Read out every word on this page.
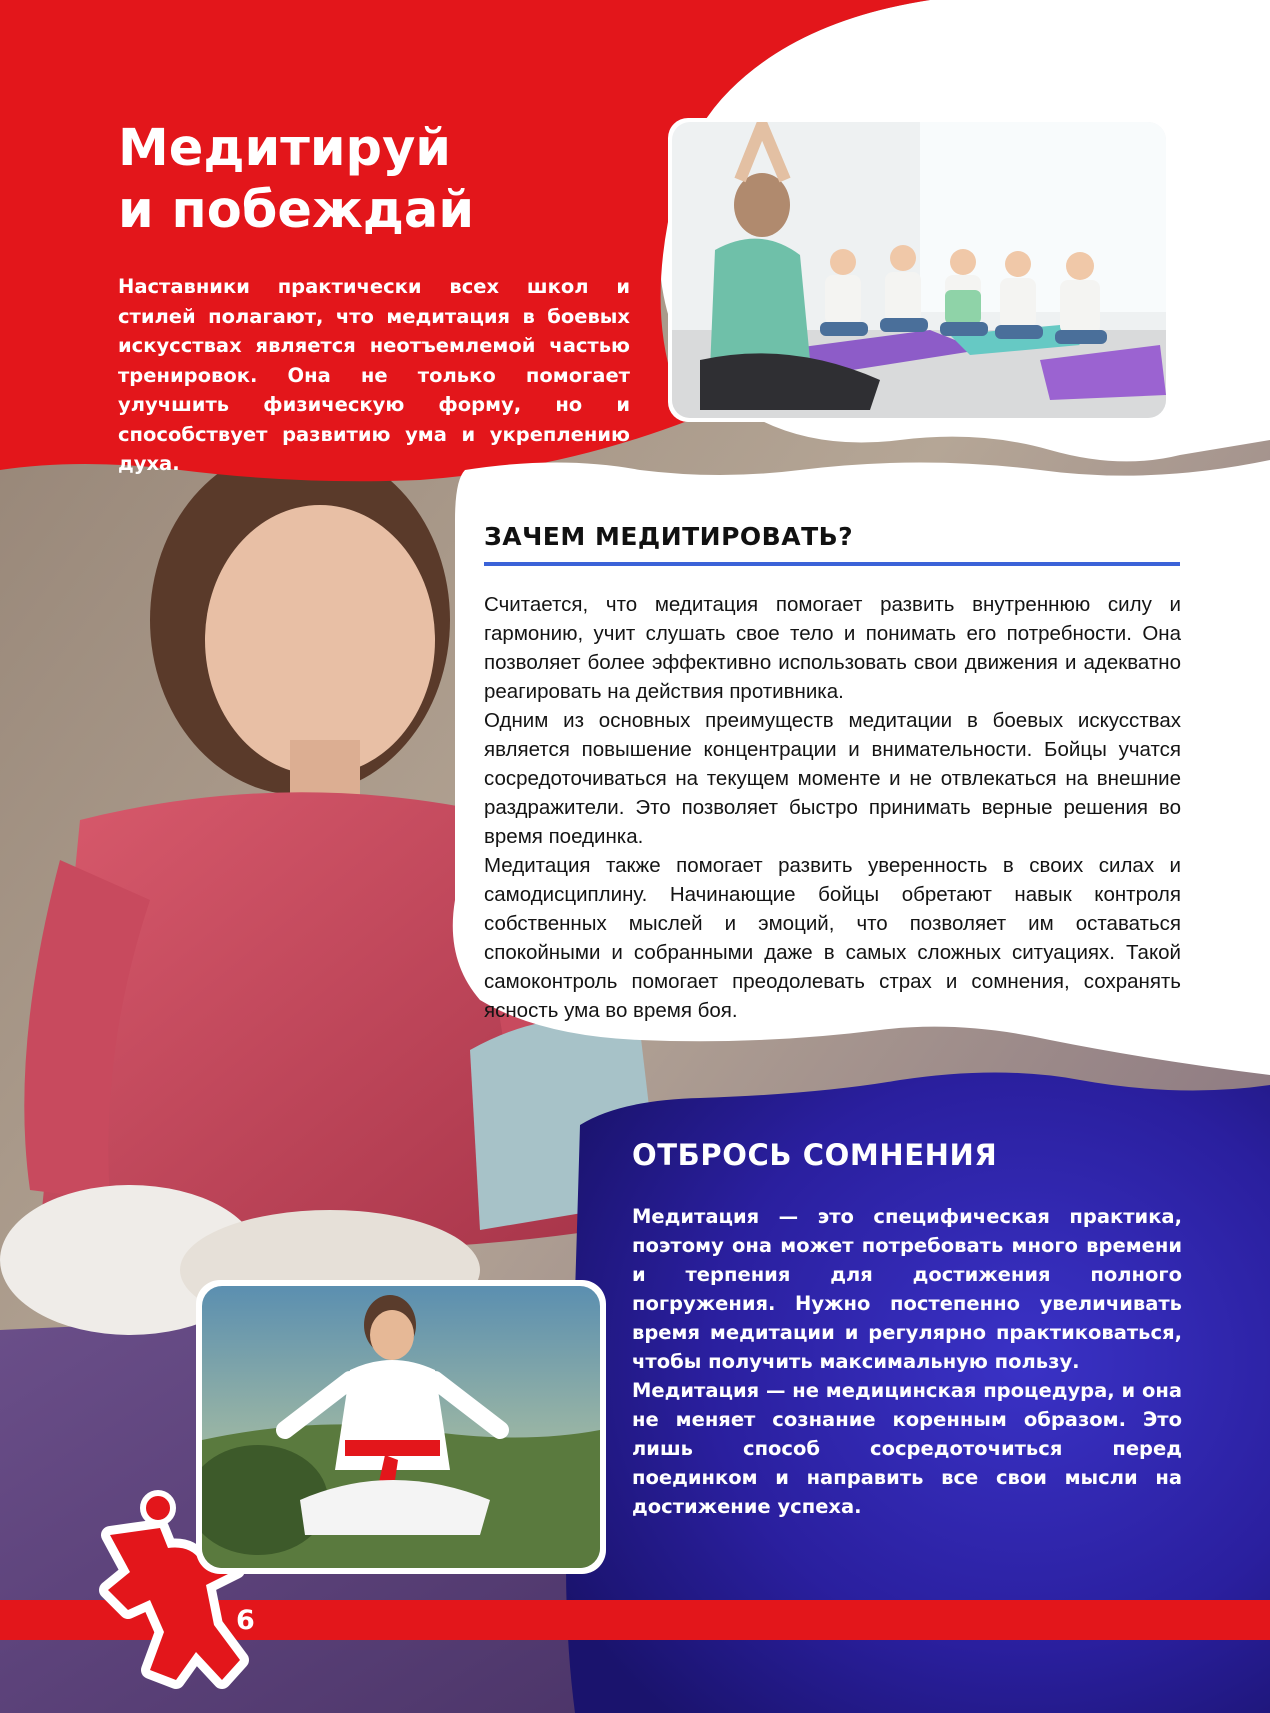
Медитируй
и побеждай

Наставники практически всех школ и стилей полагают, что медитация в боевых искусствах является неотъемлемой частью тренировок. Она не только помогает улучшить физическую форму, но и способствует развитию ума и укреплению духа.

ЗАЧЕМ МЕДИТИРОВАТЬ?

Считается, что медитация помогает развить внутреннюю силу и гармонию, учит слушать свое тело и понимать его потребности. Она позволяет более эффективно использовать свои движения и адекватно реагировать на действия противника.

Одним из основных преимуществ медитации в боевых искусствах является повышение концентрации и внимательности. Бойцы учатся сосредоточиваться на текущем моменте и не отвлекаться на внешние раздражители. Это позволяет быстро принимать верные решения во время поединка.

Медитация также помогает развить уверенность в своих силах и самодисциплину. Начинающие бойцы обретают навык контроля собственных мыслей и эмоций, что позволяет им оставаться спокойными и собранными даже в самых сложных ситуациях. Такой самоконтроль помогает преодолевать страх и сомнения, сохранять ясность ума во время боя.

ОТБРОСЬ СОМНЕНИЯ

Медитация — это специфическая практика, поэтому она может потребовать много времени и терпения для достижения полного погружения. Нужно постепенно увеличивать время медитации и регулярно практиковаться, чтобы получить максимальную пользу.

Медитация — не медицинская процедура, и она не меняет сознание коренным образом. Это лишь способ сосредоточиться перед поединком и направить все свои мысли на достижение успеха.

6
